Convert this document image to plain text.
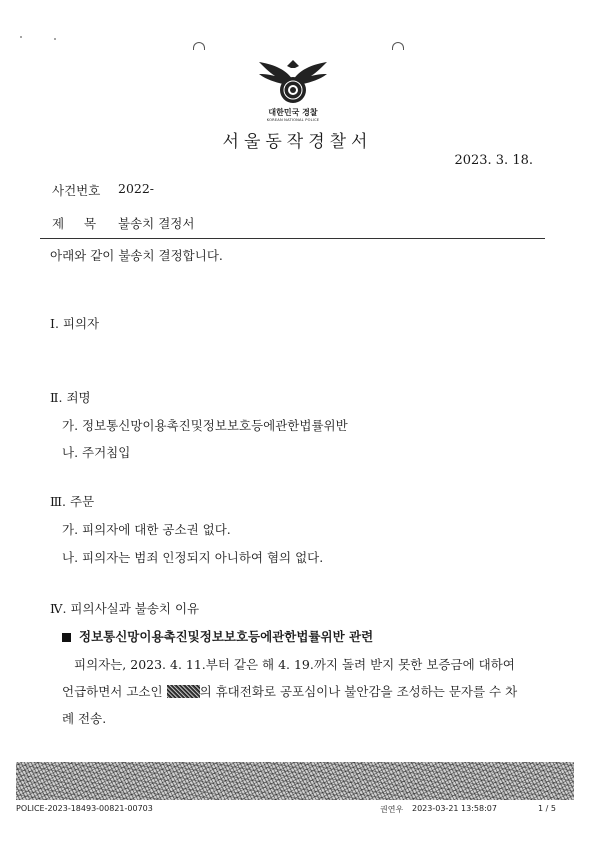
대한민국 경찰
KOREAN NATIONAL POLICE
서울동작경찰서
2023. 3. 18.
사건번호 2022-
제     목 불송치 결정서
아래와 같이 불송치 결정합니다.
Ⅰ. 피의자
Ⅱ. 죄명
가. 정보통신망이용촉진및정보보호등에관한법률위반
나. 주거침입
Ⅲ. 주문
가. 피의자에 대한 공소권 없다.
나. 피의자는 범죄 인정되지 아니하여 혐의 없다.
Ⅳ. 피의사실과 불송치 이유
정보통신망이용촉진및정보보호등에관한법률위반 관련
피의자는, 2023. 4. 11.부터 같은 해 4. 19.까지 돌려 받지 못한 보증금에 대하여
언급하면서 고소인	의 휴대전화로 공포심이나 불안감을 조성하는 문자를 수 차
례 전송.
POLICE-2023-18493-00821-00703	권연우 2023-03-21 13:58:07	1 / 5
